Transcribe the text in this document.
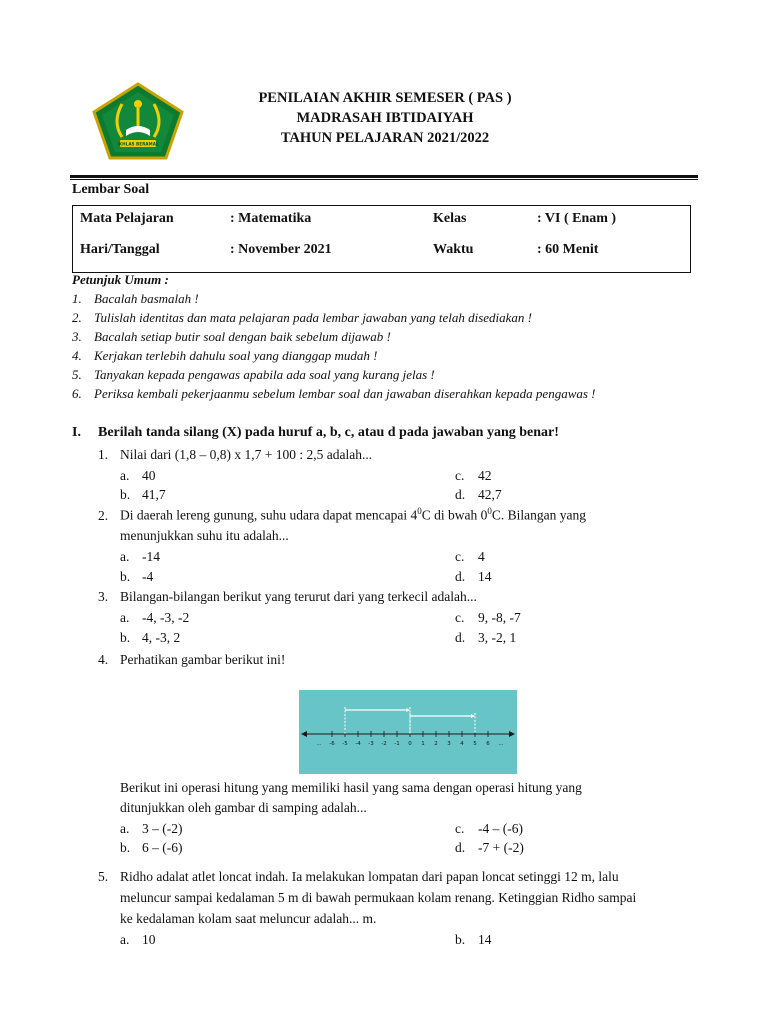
IKHLAS BERAMAL
PENILAIAN AKHIR SEMESER ( PAS )
MADRASAH IBTIDAIYAH
TAHUN PELAJARAN 2021/2022
Lembar Soal
Mata Pelajaran	: Matematika	Kelas	: VI ( Enam )
Hari/Tanggal	: November 2021	Waktu	: 60 Menit
Petunjuk Umum :
1. Bacalah basmalah !
2. Tulislah identitas dan mata pelajaran pada lembar jawaban yang telah disediakan !
3. Bacalah setiap butir soal dengan baik sebelum dijawab !
4. Kerjakan terlebih dahulu soal yang dianggap mudah !
5. Tanyakan kepada pengawas apabila ada soal yang kurang jelas !
6. Periksa kembali pekerjaanmu sebelum lembar soal dan jawaban diserahkan kepada pengawas !
I. Berilah tanda silang (X) pada huruf a, b, c, atau d pada jawaban yang benar!
1. Nilai dari (1,8 – 0,8) x 1,7 + 100 : 2,5 adalah...
a. 40	c. 42
b. 41,7	d. 42,7
2. Di daerah lereng gunung, suhu udara dapat mencapai $4^0C$ di bwah $0^0C$. Bilangan yang
menunjukkan suhu itu adalah...
a. -14	c. 4
b. -4	d. 14
3. Bilangan-bilangan berikut yang terurut dari yang terkecil adalah...
a. -4, -3, -2	c. 9, -8, -7
b. 4, -3, 2	d. 3, -2, 1
4. Perhatikan gambar berikut ini!
... -6 -5 -4 -3 -2 -1 0 1 2 3 4 5 6 ...
Berikut ini operasi hitung yang memiliki hasil yang sama dengan operasi hitung yang
ditunjukkan oleh gambar di samping adalah...
a. 3 – (-2)	c. -4 – (-6)
b. 6 – (-6)	d. -7 + (-2)
5. Ridho adalat atlet loncat indah. Ia melakukan lompatan dari papan loncat setinggi 12 m, lalu
meluncur sampai kedalaman 5 m di bawah permukaan kolam renang. Ketinggian Ridho sampai
ke kedalaman kolam saat meluncur adalah... m.
a. 10	b. 14
